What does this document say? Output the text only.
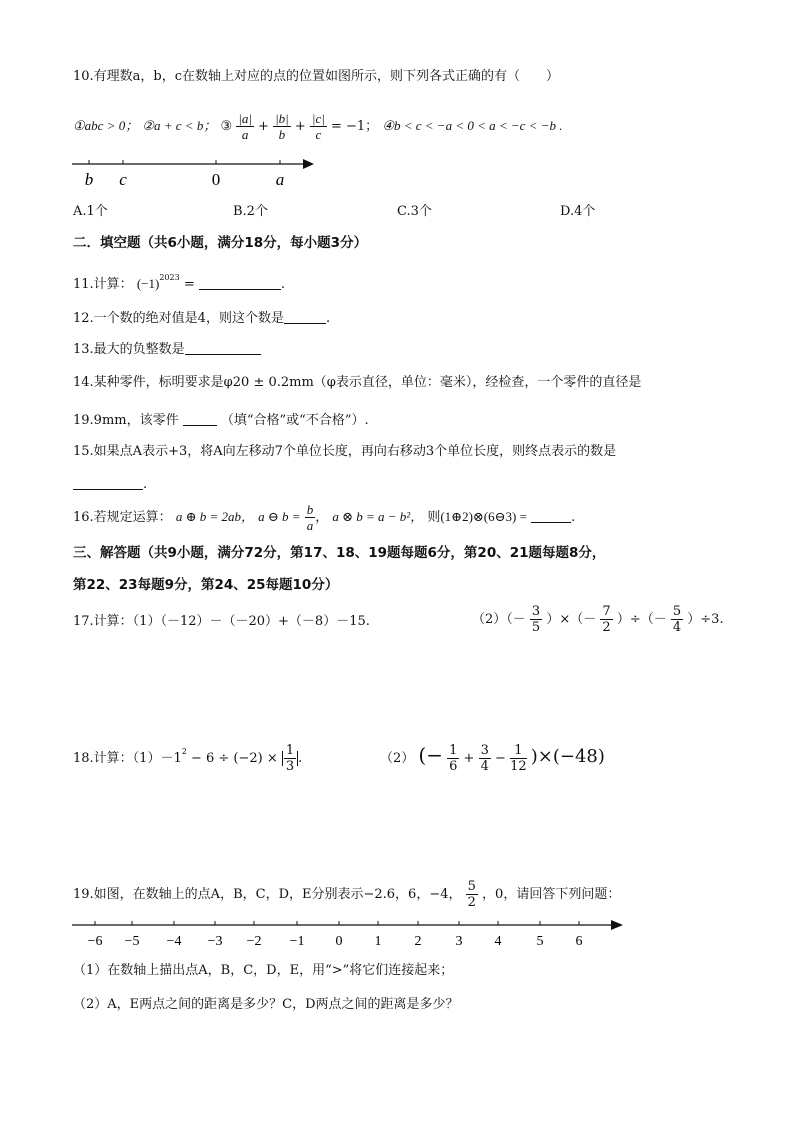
10.有理数a，b，c在数轴上对应的点的位置如图所示，则下列各式正确的有（　　）
①abc > 0； ②a + c < b； ③ $\frac{|a|}{a} + \frac{|b|}{b} + \frac{|c|}{c} = -1$； ④b < c < −a < 0 < a < −c < −b .
b c	0	a
A.1个	B.2个	C.3个	D.4个
二．填空题（共6小题，满分18分，每小题3分）
11.计算： $(-1)^{2023}$ =	.
12.一个数的绝对值是4，则这个数是	.
13.最大的负整数是
14.某种零件，标明要求是φ20 ± 0.2mm（φ表示直径，单位：毫米），经检查，一个零件的直径是
19.9mm，该零件	（填“合格”或“不合格”）.
15.如果点A表示+3，将A向左移动7个单位长度，再向右移动3个单位长度，则终点表示的数是
.
16.若规定运算： a ⊕ b = 2ab， a ⊖ $b = \frac{b}{a}$ ， a ⊗ b = a − b²， 则(1⊕2)⊗(6⊖3) =	.
三、解答题（共9小题，满分72分，第17、18、19题每题6分，第20、21题每题8分，
第22、23每题9分，第24、25每题10分）
17.计算：（1）（－12）－（－20）+（－8）－15.	$(2)(- \frac{3}{5}$ ）×（－ $\frac{7}{2}$ ）÷（－ $\frac{5}{4} )\div 3$.
18.计算：$(1)-1^2 - 6 \div (-2) \times \frac{1}{3}$ .	（2） (− $\frac{1}{6} + \frac{3}{4} - \frac{1}{12} )\times(-48)$
19.如图，在数轴上的点A，B，C，D，E分别表示−2.6，6，−4， $\frac{5}{2}$ ，0，请回答下列问题：
−6 −5 −4 −3 −2 −1 0 1 2 3 4	5 6
（1）在数轴上描出点A，B，C，D，E，用“>”将它们连接起来；
（2）A，E两点之间的距离是多少？C，D两点之间的距离是多少？
